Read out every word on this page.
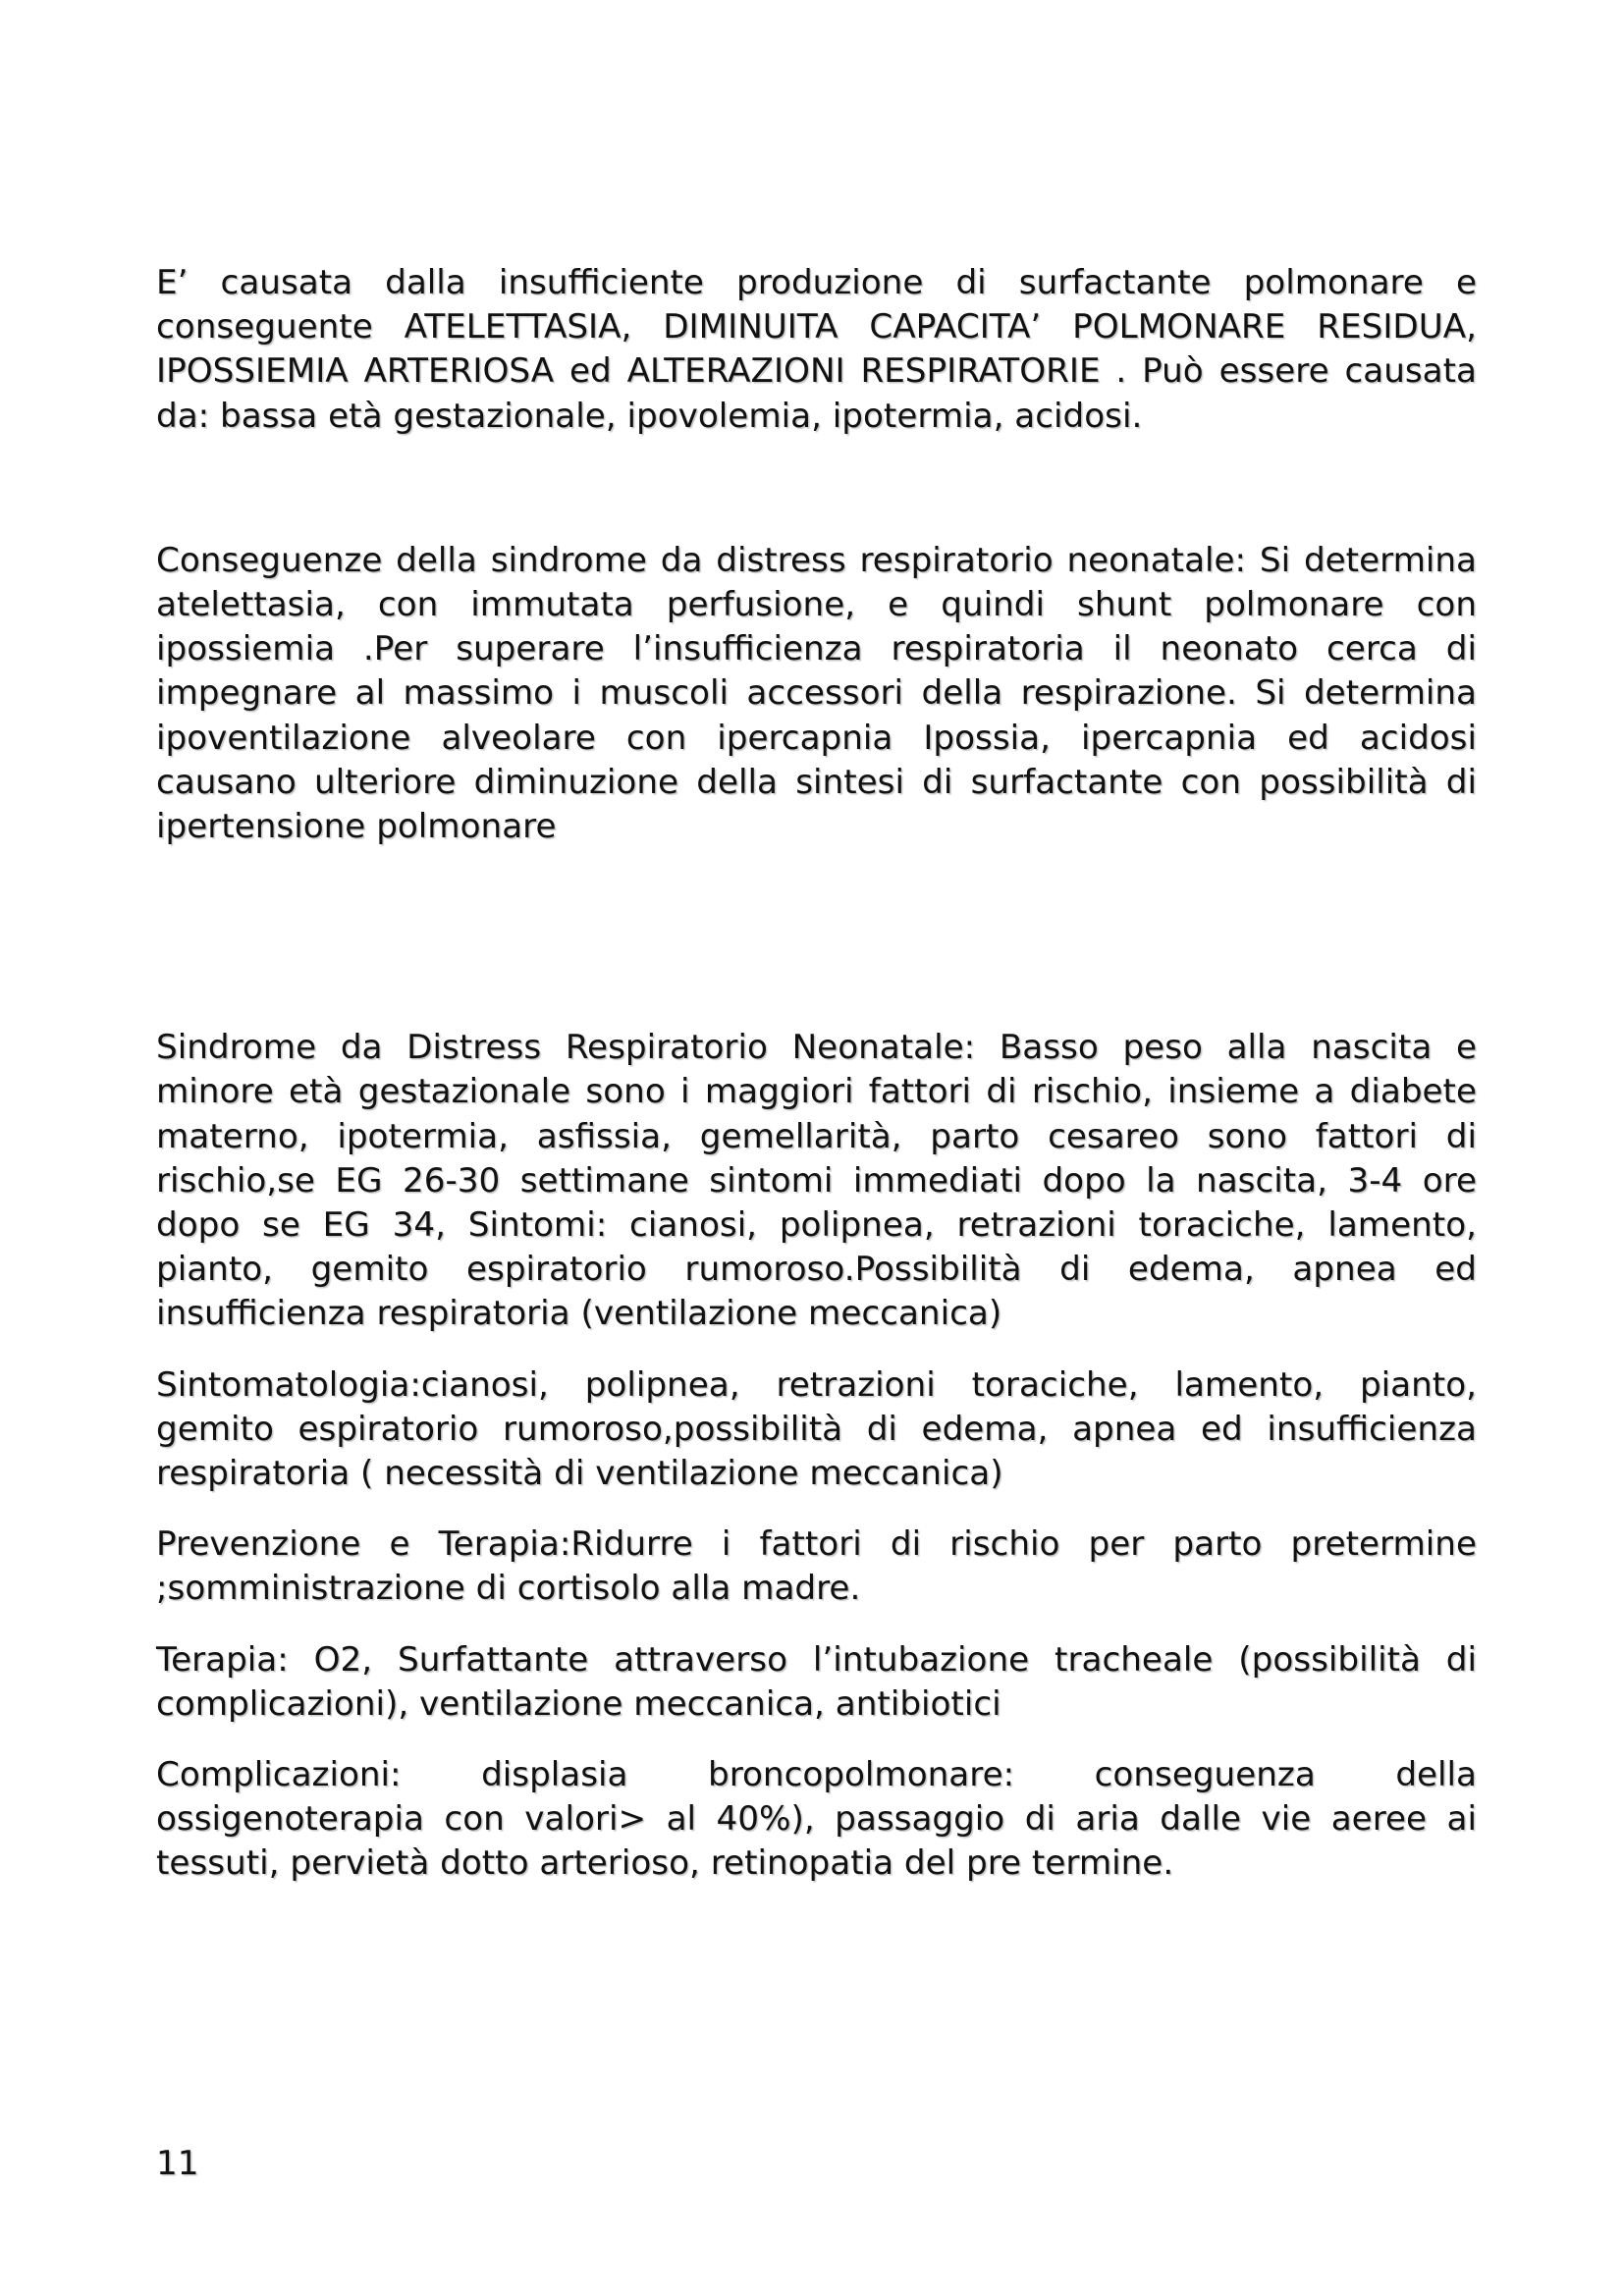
E’ causata dalla insufficiente produzione di surfactante polmonare e conseguente ATELETTASIA, DIMINUITA CAPACITA’ POLMONARE RESIDUA, IPOSSIEMIA ARTERIOSA ed ALTERAZIONI RESPIRATORIE . Può essere causata da: bassa età gestazionale, ipovolemia, ipotermia, acidosi.

Conseguenze della sindrome da distress respiratorio neonatale: Si determina atelettasia, con immutata perfusione, e quindi shunt polmonare con ipossiemia .Per superare l’insufficienza respiratoria il neonato cerca di impegnare al massimo i muscoli accessori della respirazione. Si determina ipoventilazione alveolare con ipercapnia Ipossia, ipercapnia ed acidosi causano ulteriore diminuzione della sintesi di surfactante con possibilità di ipertensione polmonare

Sindrome da Distress Respiratorio Neonatale: Basso peso alla nascita e minore età gestazionale sono i maggiori fattori di rischio, insieme a diabete materno, ipotermia, asfissia, gemellarità, parto cesareo sono fattori di rischio,se EG 26-30 settimane sintomi immediati dopo la nascita, 3-4 ore dopo se EG 34, Sintomi: cianosi, polipnea, retrazioni toraciche, lamento, pianto, gemito espiratorio rumoroso.Possibilità di edema, apnea ed insufficienza respiratoria (ventilazione meccanica)

Sintomatologia:cianosi, polipnea, retrazioni toraciche, lamento, pianto, gemito espiratorio rumoroso,possibilità di edema, apnea ed insufficienza respiratoria ( necessità di ventilazione meccanica)

Prevenzione e Terapia:Ridurre i fattori di rischio per parto pretermine ;somministrazione di cortisolo alla madre.

Terapia: O2, Surfattante attraverso l’intubazione tracheale (possibilità di complicazioni), ventilazione meccanica, antibiotici

Complicazioni: displasia broncopolmonare: conseguenza della ossigenoterapia con valori> al 40%), passaggio di aria dalle vie aeree ai tessuti, pervietà dotto arterioso, retinopatia del pre termine.

11
